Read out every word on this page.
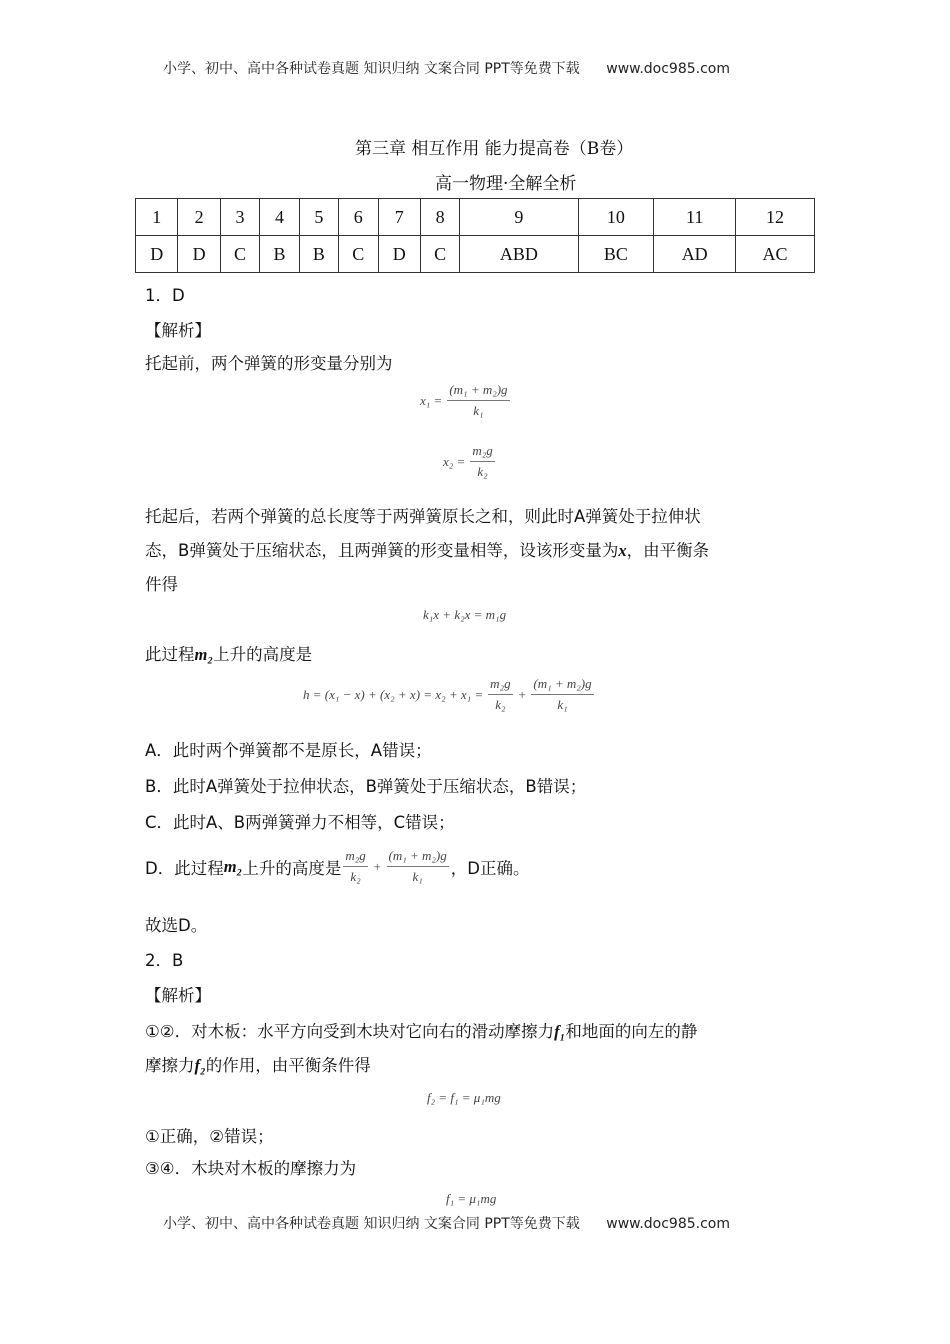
小学、初中、高中各种试卷真题 知识归纳 文案合同 PPT等免费下载 www.doc985.com
第三章 相互作用 能力提高卷（B卷）
高一物理·全解全析
1	2	3	4	5	6	7	8	9	10	11	12
D	D	C	B	B	C	D	C	ABD	BC	AD	AC
1．D
【解析】
托起前，两个弹簧的形变量分别为
$x_1 = \frac{\text{(m₁ + m₂)g}}{\text{k₁}}$
$x_2 = \frac{\text{m₂g}}{\text{k₂}}$
托起后，若两个弹簧的总长度等于两弹簧原长之和，则此时A弹簧处于拉伸状
态，B弹簧处于压缩状态，且两弹簧的形变量相等，设该形变量为x，由平衡条
件得
k₁x + k₂x = m₁g
此过程m₂上升的高度是
$h = (x_1 - x) + (x_2 + x) = x_2 + x_1 = \frac{\text{m₂g}}{\text{k₂}} + \frac{\text{(m₁ + m₂)g}}{\text{k₁}}$
A．此时两个弹簧都不是原长，A错误；
B．此时A弹簧处于拉伸状态，B弹簧处于压缩状态，B错误；
C．此时A、B两弹簧弹力不相等，C错误；
D．此过程 m₂ 上升的高度是 $\frac{\text{m₂g}}{\text{k₂}} + \frac{\text{(m₁ + m₂)g}}{\text{k₁}}$ ，D正确。
故选D。
2．B
【解析】
①②．对木板：水平方向受到木块对它向右的滑动摩擦力f₁和地面的向左的静
摩擦力f₂的作用，由平衡条件得
f₂ = f₁ = μ₁mg
①正确，②错误；
③④．木块对木板的摩擦力为
f₁ = μ₁mg
小学、初中、高中各种试卷真题 知识归纳 文案合同 PPT等免费下载 www.doc985.com
